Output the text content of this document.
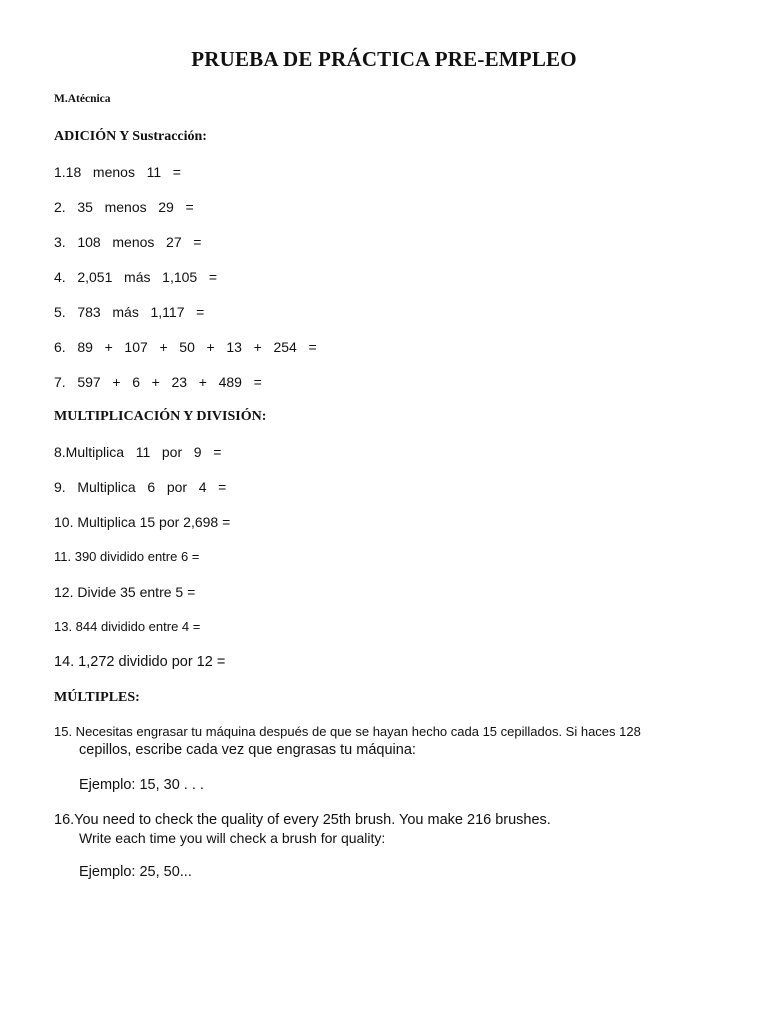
PRUEBA DE PRÁCTICA PRE-EMPLEO
M.Atécnica
ADICIÓN Y Sustracción:
1.18   menos   11   =
2.   35   menos   29   =
3.   108   menos   27   =
4.   2,051   más   1,105   =
5.   783   más   1,117   =
6.   89   +   107   +   50   +   13   +   254   =
7.   597   +   6   +   23   +   489   =
MULTIPLICACIÓN Y DIVISIÓN:
8.Multiplica   11   por   9   =
9.   Multiplica   6   por   4   =
10. Multiplica 15 por 2,698 =
11. 390 dividido entre 6 =
12. Divide 35 entre 5 =
13. 844 dividido entre 4 =
14. 1,272 dividido por 12 =
MÚLTIPLES:
15. Necesitas engrasar tu máquina después de que se hayan hecho cada 15 cepillados. Si haces 128
cepillos, escribe cada vez que engrasas tu máquina:
Ejemplo: 15, 30 . . .
16.You need to check the quality of every 25th brush. You make 216 brushes.
Write each time you will check a brush for quality:
Ejemplo: 25, 50...
